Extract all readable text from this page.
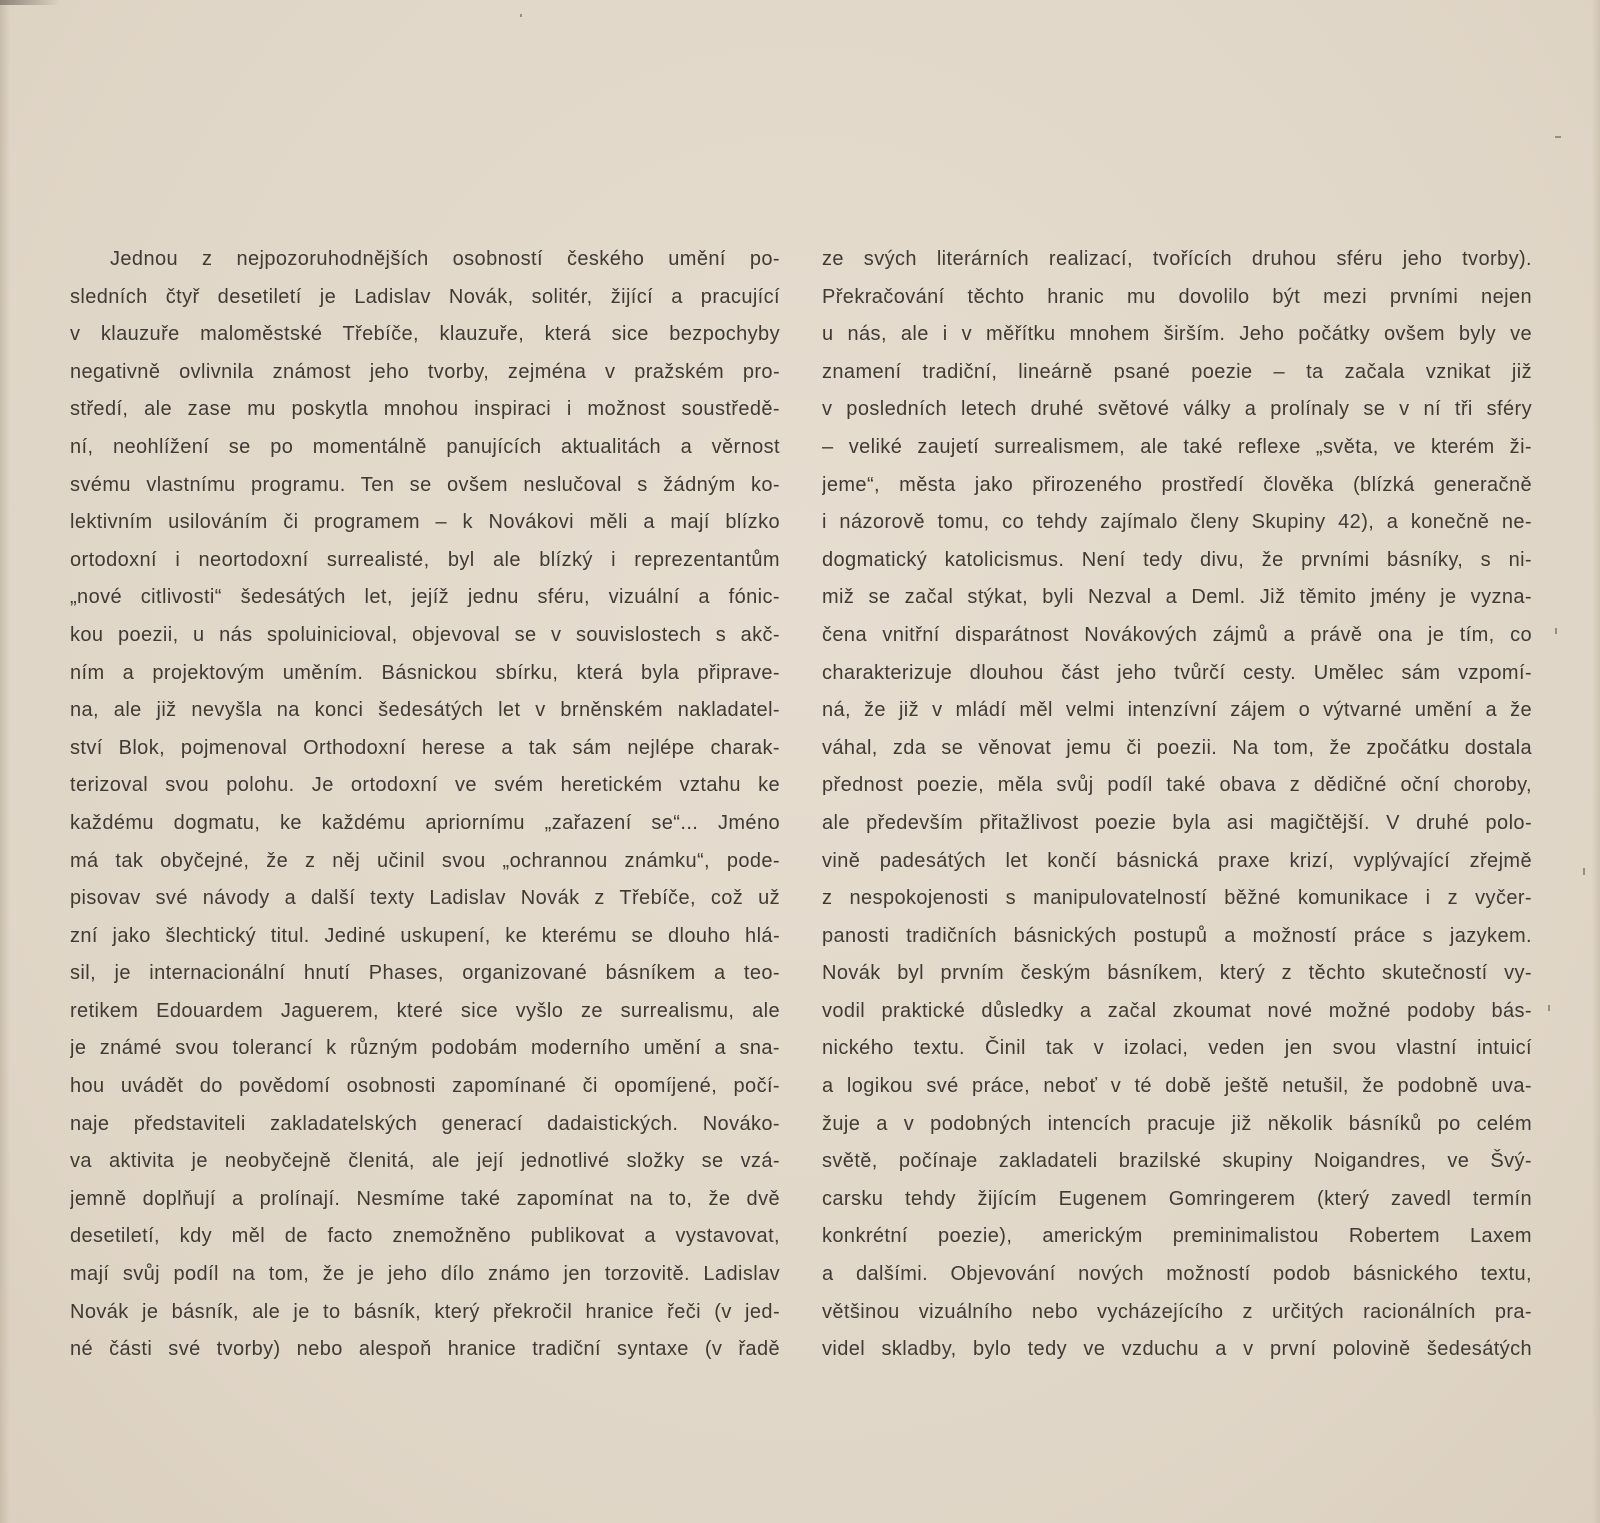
Jednou z nejpozoruhodnějších osobností českého umění po-
sledních čtyř desetiletí je Ladislav Novák, solitér, žijící a pracující
v klauzuře maloměstské Třebíče, klauzuře, která sice bezpochyby
negativně ovlivnila známost jeho tvorby, zejména v pražském pro-
středí, ale zase mu poskytla mnohou inspiraci i možnost soustředě-
ní, neohlížení se po momentálně panujících aktualitách a věrnost
svému vlastnímu programu. Ten se ovšem neslučoval s žádným ko-
lektivním usilováním či programem – k Novákovi měli a mají blízko
ortodoxní i neortodoxní surrealisté, byl ale blízký i reprezentantům
„nové citlivosti“ šedesátých let, jejíž jednu sféru, vizuální a fónic-
kou poezii, u nás spoluinicioval, objevoval se v souvislostech s akč-
ním a projektovým uměním. Básnickou sbírku, která byla připrave-
na, ale již nevyšla na konci šedesátých let v brněnském nakladatel-
ství Blok, pojmenoval Orthodoxní herese a tak sám nejlépe charak-
terizoval svou polohu. Je ortodoxní ve svém heretickém vztahu ke
každému dogmatu, ke každému apriornímu „zařazení se“... Jméno
má tak obyčejné, že z něj učinil svou „ochrannou známku“, pode-
pisovav své návody a další texty Ladislav Novák z Třebíče, což už
zní jako šlechtický titul. Jediné uskupení, ke kterému se dlouho hlá-
sil, je internacionální hnutí Phases, organizované básníkem a teo-
retikem Edouardem Jaguerem, které sice vyšlo ze surrealismu, ale
je známé svou tolerancí k různým podobám moderního umění a sna-
hou uvádět do povědomí osobnosti zapomínané či opomíjené, počí-
naje představiteli zakladatelských generací dadaistických. Nováko-
va aktivita je neobyčejně členitá, ale její jednotlivé složky se vzá-
jemně doplňují a prolínají. Nesmíme také zapomínat na to, že dvě
desetiletí, kdy měl de facto znemožněno publikovat a vystavovat,
mají svůj podíl na tom, že je jeho dílo známo jen torzovitě. Ladislav
Novák je básník, ale je to básník, který překročil hranice řeči (v jed-
né části své tvorby) nebo alespoň hranice tradiční syntaxe (v řadě
ze svých literárních realizací, tvořících druhou sféru jeho tvorby).
Překračování těchto hranic mu dovolilo být mezi prvními nejen
u nás, ale i v měřítku mnohem širším. Jeho počátky ovšem byly ve
znamení tradiční, lineárně psané poezie – ta začala vznikat již
v posledních letech druhé světové války a prolínaly se v ní tři sféry
– veliké zaujetí surrealismem, ale také reflexe „světa, ve kterém ži-
jeme“, města jako přirozeného prostředí člověka (blízká generačně
i názorově tomu, co tehdy zajímalo členy Skupiny 42), a konečně ne-
dogmatický katolicismus. Není tedy divu, že prvními básníky, s ni-
miž se začal stýkat, byli Nezval a Deml. Již těmito jmény je vyzna-
čena vnitřní disparátnost Novákových zájmů a právě ona je tím, co
charakterizuje dlouhou část jeho tvůrčí cesty. Umělec sám vzpomí-
ná, že již v mládí měl velmi intenzívní zájem o výtvarné umění a že
váhal, zda se věnovat jemu či poezii. Na tom, že zpočátku dostala
přednost poezie, měla svůj podíl také obava z dědičné oční choroby,
ale především přitažlivost poezie byla asi magičtější. V druhé polo-
vině padesátých let končí básnická praxe krizí, vyplývající zřejmě
z nespokojenosti s manipulovatelností běžné komunikace i z vyčer-
panosti tradičních básnických postupů a možností práce s jazykem.
Novák byl prvním českým básníkem, který z těchto skutečností vy-
vodil praktické důsledky a začal zkoumat nové možné podoby bás-
nického textu. Činil tak v izolaci, veden jen svou vlastní intuicí
a logikou své práce, neboť v té době ještě netušil, že podobně uva-
žuje a v podobných intencích pracuje již několik básníků po celém
světě, počínaje zakladateli brazilské skupiny Noigandres, ve Švý-
carsku tehdy žijícím Eugenem Gomringerem (který zavedl termín
konkrétní poezie), americkým preminimalistou Robertem Laxem
a dalšími. Objevování nových možností podob básnického textu,
většinou vizuálního nebo vycházejícího z určitých racionálních pra-
videl skladby, bylo tedy ve vzduchu a v první polovině šedesátých
